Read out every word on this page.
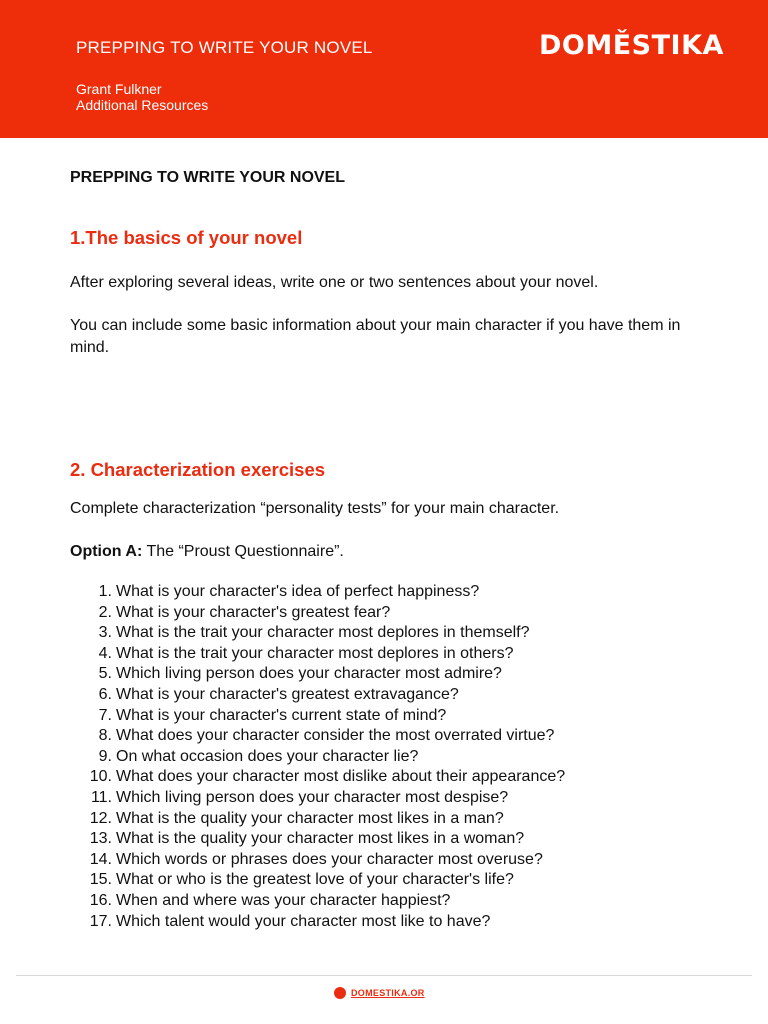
PREPPING TO WRITE YOUR NOVEL
Grant Fulkner
Additional Resources
DOMĚSTIKA
PREPPING TO WRITE YOUR NOVEL
1.The basics of your novel
After exploring several ideas, write one or two sentences about your novel.
You can include some basic information about your main character if you have them in mind.
2. Characterization exercises
Complete characterization “personality tests” for your main character.
Option A: The “Proust Questionnaire”.
1. What is your character's idea of perfect happiness?
2. What is your character's greatest fear?
3. What is the trait your character most deplores in themself?
4. What is the trait your character most deplores in others?
5. Which living person does your character most admire?
6. What is your character's greatest extravagance?
7. What is your character's current state of mind?
8. What does your character consider the most overrated virtue?
9. On what occasion does your character lie?
10. What does your character most dislike about their appearance?
11. Which living person does your character most despise?
12. What is the quality your character most likes in a man?
13. What is the quality your character most likes in a woman?
14. Which words or phrases does your character most overuse?
15. What or who is the greatest love of your character's life?
16. When and where was your character happiest?
17. Which talent would your character most like to have?
DOMESTIKA.OR
